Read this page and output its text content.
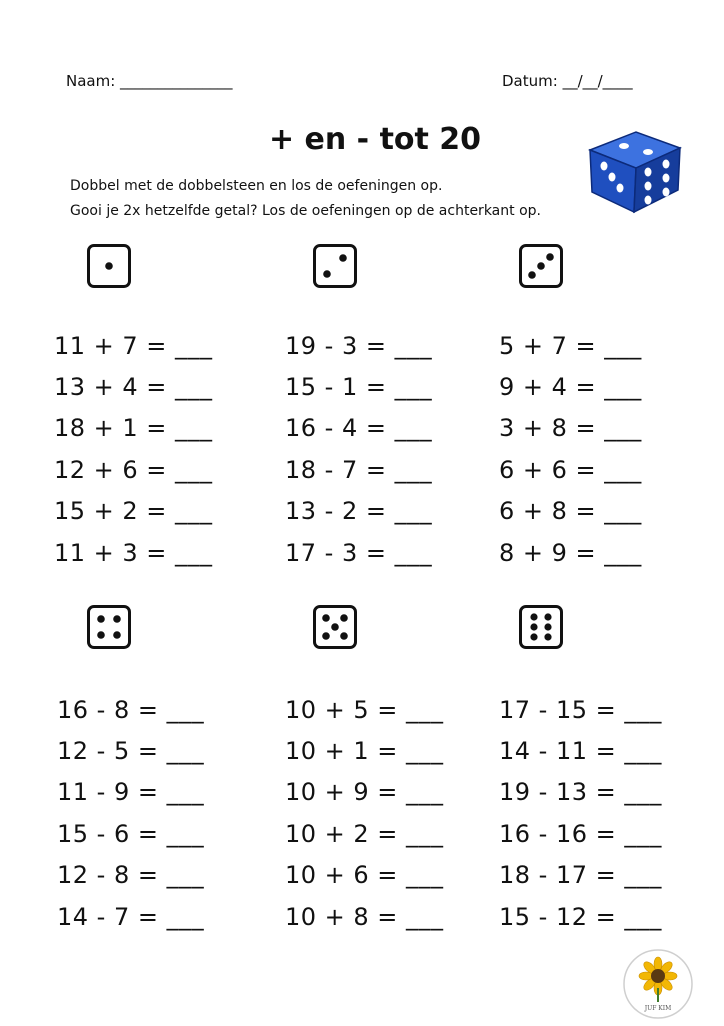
Naam: _______________	Datum: __/__/____
+ en - tot 20
Dobbel met de dobbelsteen en los de oefeningen op.
Gooi je 2x hetzelfde getal? Los de oefeningen op de achterkant op.
11 + 7 = ___
13 + 4 = ___
18 + 1 = ___
12 + 6 = ___
15 + 2 = ___
11 + 3 = ___
19 - 3 = ___
15 - 1 = ___
16 - 4 = ___
18 - 7 = ___
13 - 2 = ___
17 - 3 = ___
5 + 7 = ___
9 + 4 = ___
3 + 8 = ___
6 + 6 = ___
6 + 8 = ___
8 + 9 = ___
16 - 8 = ___
12 - 5 = ___
11 - 9 = ___
15 - 6 = ___
12 - 8 = ___
14 - 7 = ___
10 + 5 = ___
10 + 1 = ___
10 + 9 = ___
10 + 2 = ___
10 + 6 = ___
10 + 8 = ___
17 - 15 = ___
14 - 11 = ___
19 - 13 = ___
16 - 16 = ___
18 - 17 = ___
15 - 12 = ___
JUF KIM
